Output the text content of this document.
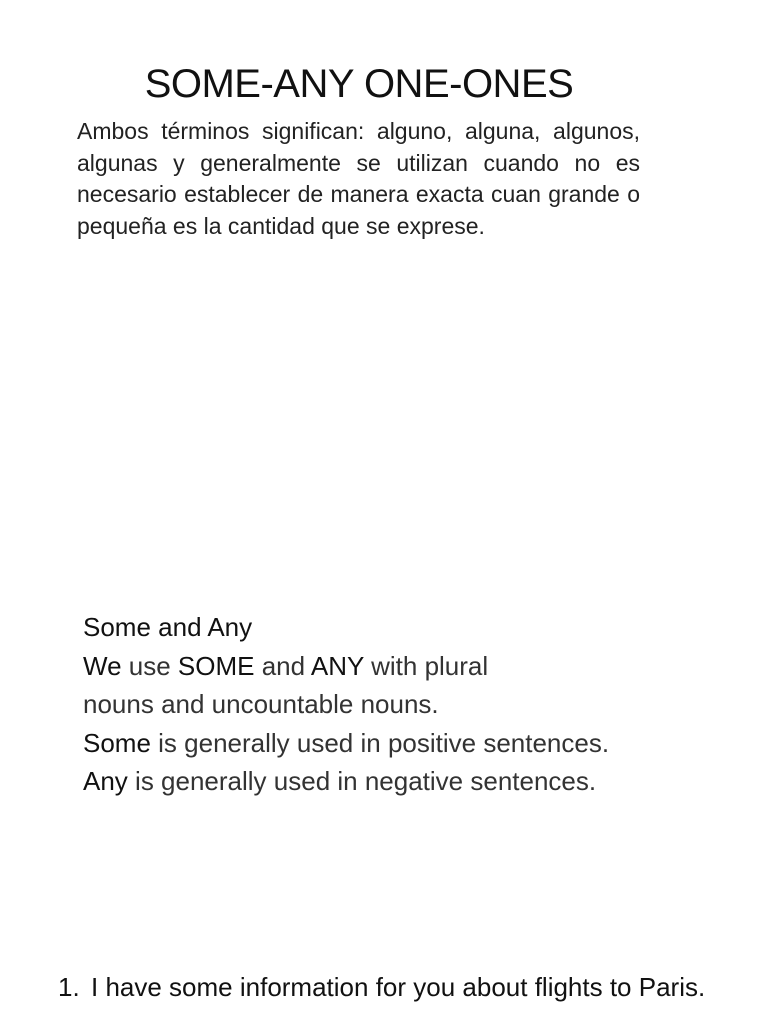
SOME-ANY ONE-ONES
Ambos términos significan: alguno, alguna, algunos, algunas y generalmente se utilizan cuando no es necesario establecer de manera exacta cuan grande o pequeña es la cantidad que se exprese.
Some and Any
We use SOME and ANY with plural
nouns and uncountable nouns.
Some is generally used in positive sentences.
Any is generally used in negative sentences.
1. I have some information for you about flights to Paris.
